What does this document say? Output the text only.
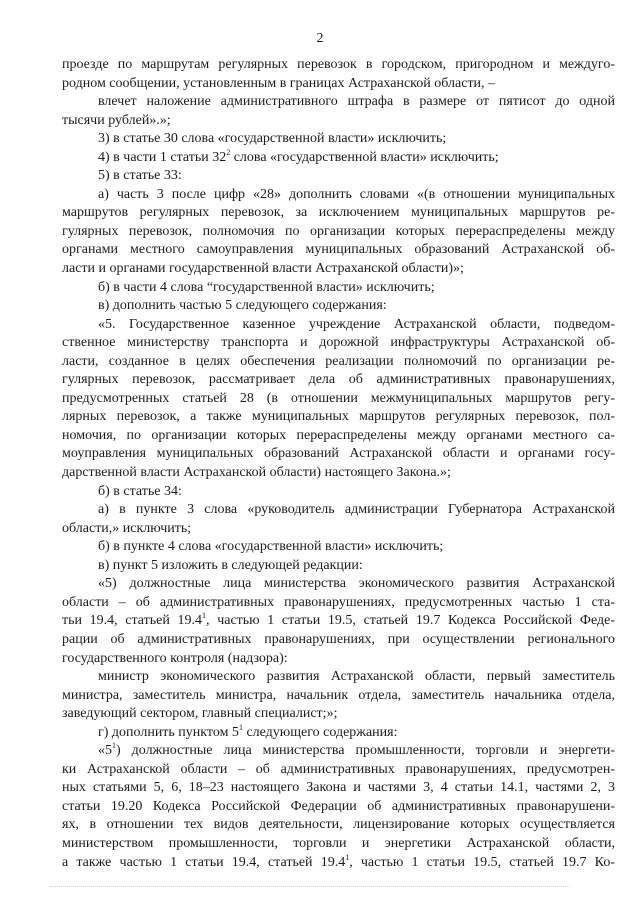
2
проезде по маршрутам регулярных перевозок в городском, пригородном и междуго-
родном сообщении, установленным в границах Астраханской области, –
влечет наложение административного штрафа в размере от пятисот до одной
тысячи рублей».»;
3) в статье 30 слова «государственной власти» исключить;
4) в части 1 статьи $32^2$ слова «государственной власти» исключить;
5) в статье 33:
а) часть 3 после цифр «28» дополнить словами «(в отношении муниципальных
маршрутов регулярных перевозок, за исключением муниципальных маршрутов ре-
гулярных перевозок, полномочия по организации которых перераспределены между
органами местного самоуправления муниципальных образований Астраханской об-
ласти и органами государственной власти Астраханской области)»;
б) в части 4 слова “государственной власти» исключить;
в) дополнить частью 5 следующего содержания:
«5. Государственное казенное учреждение Астраханской области, подведом-
ственное министерству транспорта и дорожной инфраструктуры Астраханской об-
ласти, созданное в целях обеспечения реализации полномочий по организации ре-
гулярных перевозок, рассматривает дела об административных правонарушениях,
предусмотренных статьей 28 (в отношении межмуниципальных маршрутов регу-
лярных перевозок, а также муниципальных маршрутов регулярных перевозок, пол-
номочия, по организации которых перераспределены между органами местного са-
моуправления муниципальных образований Астраханской области и органами госу-
дарственной власти Астраханской области) настоящего Закона.»;
б) в статье 34:
а) в пункте 3 слова «руководитель администрации Губернатора Астраханской
области,» исключить;
б) в пункте 4 слова «государственной власти» исключить;
в) пункт 5 изложить в следующей редакции:
«5) должностные лица министерства экономического развития Астраханской
области – об административных правонарушениях, предусмотренных частью 1 ста-
тьи 19.4, статьей 19.4$^1$, частью 1 статьи 19.5, статьей 19.7 Кодекса Российской Феде-
рации об административных правонарушениях, при осуществлении регионального
государственного контроля (надзора):
министр экономического развития Астраханской области, первый заместитель
министра, заместитель министра, начальник отдела, заместитель начальника отдела,
заведующий сектором, главный специалист;»;
г) дополнить пунктом $5^1$ следующего содержания:
«$5^1$) должностные лица министерства промышленности, торговли и энергети-
ки Астраханской области – об административных правонарушениях, предусмотрен-
ных статьями 5, 6, 18–23 настоящего Закона и частями 3, 4 статьи 14.1, частями 2, 3
статьи 19.20 Кодекса Российской Федерации об административных правонарушени-
ях, в отношении тех видов деятельности, лицензирование которых осуществляется
министерством промышленности, торговли и энергетики Астраханской области,
а также частью 1 статьи 19.4, статьей 19.4$^1$, частью 1 статьи 19.5, статьей 19.7 Ко-
